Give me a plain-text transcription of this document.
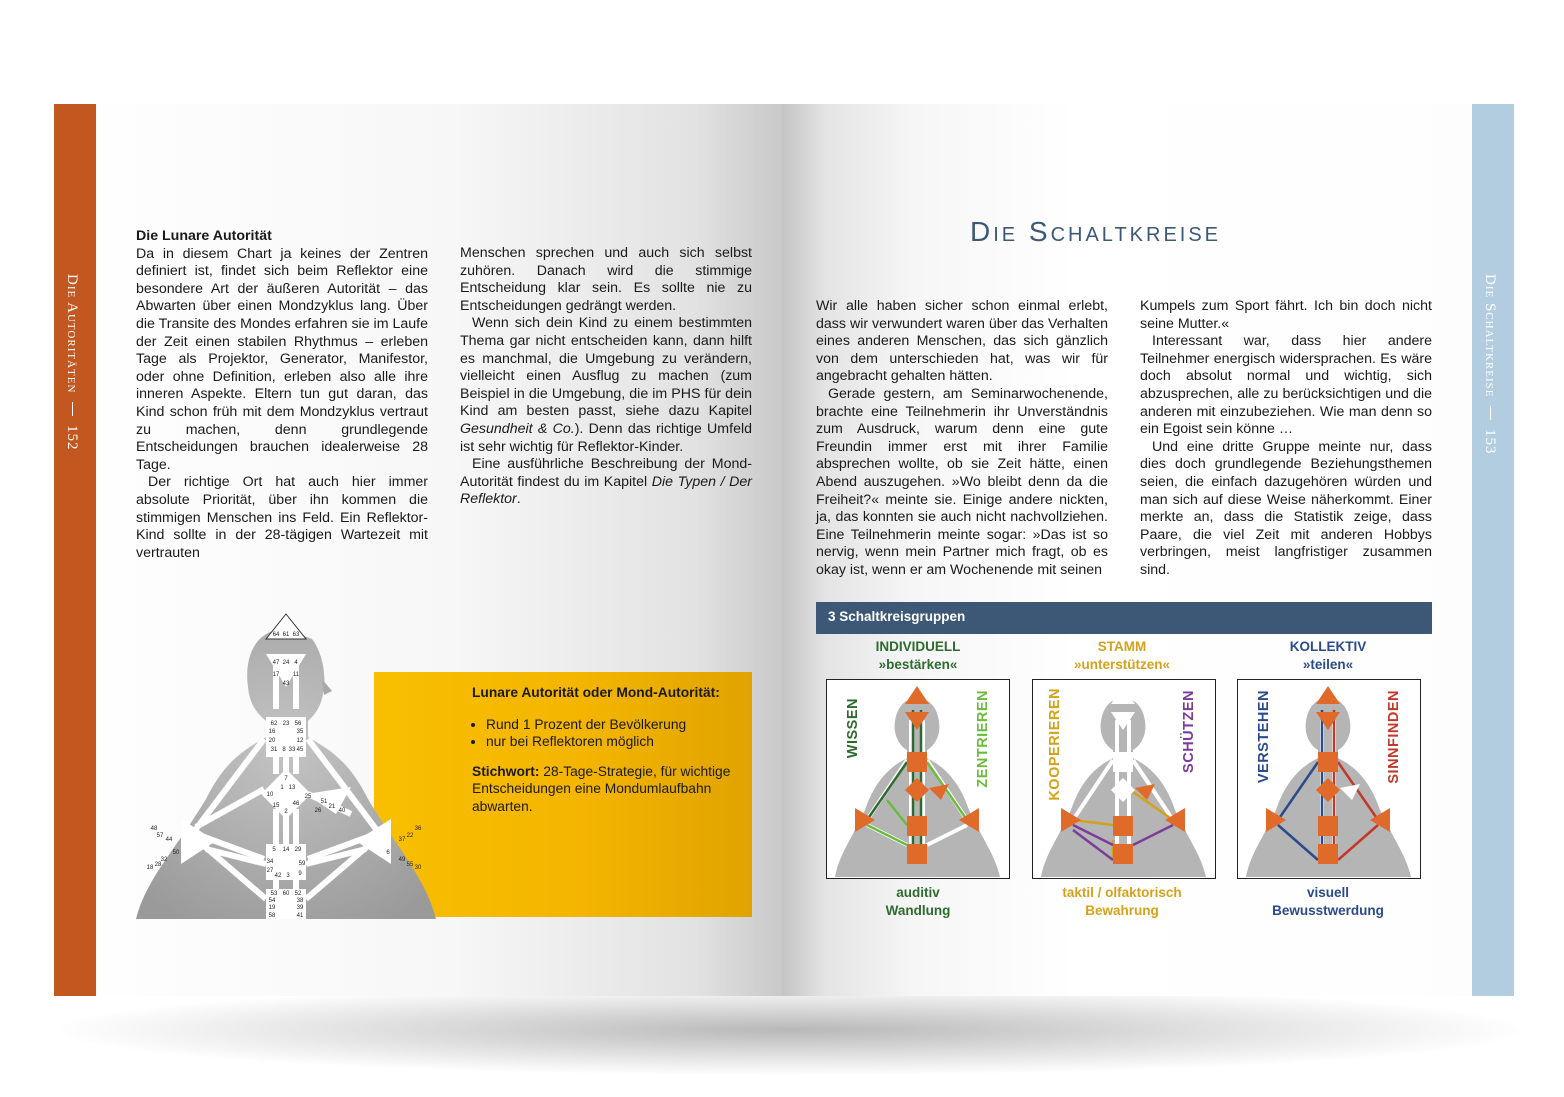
Die Autoritäten  152

Die Lunare Autorität

Da in diesem Chart ja keines der Zentren definiert ist, findet sich beim Reflektor eine besondere Art der äußeren Autorität – das Abwarten über einen Mondzyklus lang. Über die Transite des Mondes erfahren sie im Laufe der Zeit einen stabilen Rhythmus – erleben Tage als Projektor, Generator, Manifestor, oder ohne Definition, erleben also alle ihre inneren Aspekte. Eltern tun gut daran, das Kind schon früh mit dem Mondzyklus vertraut zu machen, denn grundlegende Entscheidungen brauchen idealerweise 28 Tage.

Der richtige Ort hat auch hier immer absolute Priorität, über ihn kommen die stimmigen Menschen ins Feld. Ein Reflektor-Kind sollte in der 28-tägigen Wartezeit mit vertrauten

Menschen sprechen und auch sich selbst zuhören. Danach wird die stimmige Entscheidung klar sein. Es sollte nie zu Entscheidungen gedrängt werden.

Wenn sich dein Kind zu einem bestimmten Thema gar nicht entscheiden kann, dann hilft es manchmal, die Umgebung zu verändern, vielleicht einen Ausflug zu machen (zum Beispiel in die Umgebung, die im PHS für dein Kind am besten passt, siehe dazu Kapitel Gesundheit & Co.). Denn das richtige Umfeld ist sehr wichtig für Reflektor-Kinder.

Eine ausführliche Beschreibung der Mond-Autorität findest du im Kapitel Die Typen / Der Reflektor.

64 61 63
47 24 4
17 11
43
62 23 56
16	35
20	12
31 8 33 45
7
1 13
10
15
2
46
25
51
21
26	40
48
57
44
50
32
28
18
36
22
37
6
49
55 30
5 14 29
34
27
42 3
59
9
53 60 52
54
19
38
39
58	41
Lunare Autorität oder Mond-Autorität:
• Rund 1 Prozent der Bevölkerung
• nur bei Reflektoren möglich
Stichwort: 28-Tage-Strategie, für wichtige Entscheidungen eine Mondumlaufbahn abwarten.
Die Schaltkreise  153
Die Schaltkreise

Wir alle haben sicher schon einmal erlebt, dass wir verwundert waren über das Verhalten eines anderen Menschen, das sich gänzlich von dem unterschieden hat, was wir für angebracht gehalten hätten.

Gerade gestern, am Seminarwochenende, brachte eine Teilnehmerin ihr Unverständnis zum Ausdruck, warum denn eine gute Freundin immer erst mit ihrer Familie absprechen wollte, ob sie Zeit hätte, einen Abend auszugehen. »Wo bleibt denn da die Freiheit?« meinte sie. Einige andere nickten, ja, das konnten sie auch nicht nachvollziehen. Eine Teilnehmerin meinte sogar: »Das ist so nervig, wenn mein Partner mich fragt, ob es okay ist, wenn er am Wochenende mit seinen

Kumpels zum Sport fährt. Ich bin doch nicht seine Mutter.«

Interessant war, dass hier andere Teilnehmer energisch widersprachen. Es wäre doch absolut normal und wichtig, sich abzusprechen, alle zu berücksichtigen und die anderen mit einzubeziehen. Wie man denn so ein Egoist sein könne …

Und eine dritte Gruppe meinte nur, dass dies doch grundlegende Beziehungsthemen seien, die einfach dazugehören würden und man sich auf diese Weise näherkommt. Einer merkte an, dass die Statistik zeige, dass Paare, die viel Zeit mit anderen Hobbys verbringen, meist langfristiger zusammen sind.

3 Schaltkreisgruppen
INDIVIDUELL
»bestärken«
STAMM
»unterstützen«
KOLLEKTIV
»teilen«
WISSEN	ZENTRIEREN	KOOPERIEREN	SCHÜTZEN	VERSTEHEN	SINNFINDEN
auditiv
Wandlung
taktil / olfaktorisch
Bewahrung
visuell
Bewusstwerdung
